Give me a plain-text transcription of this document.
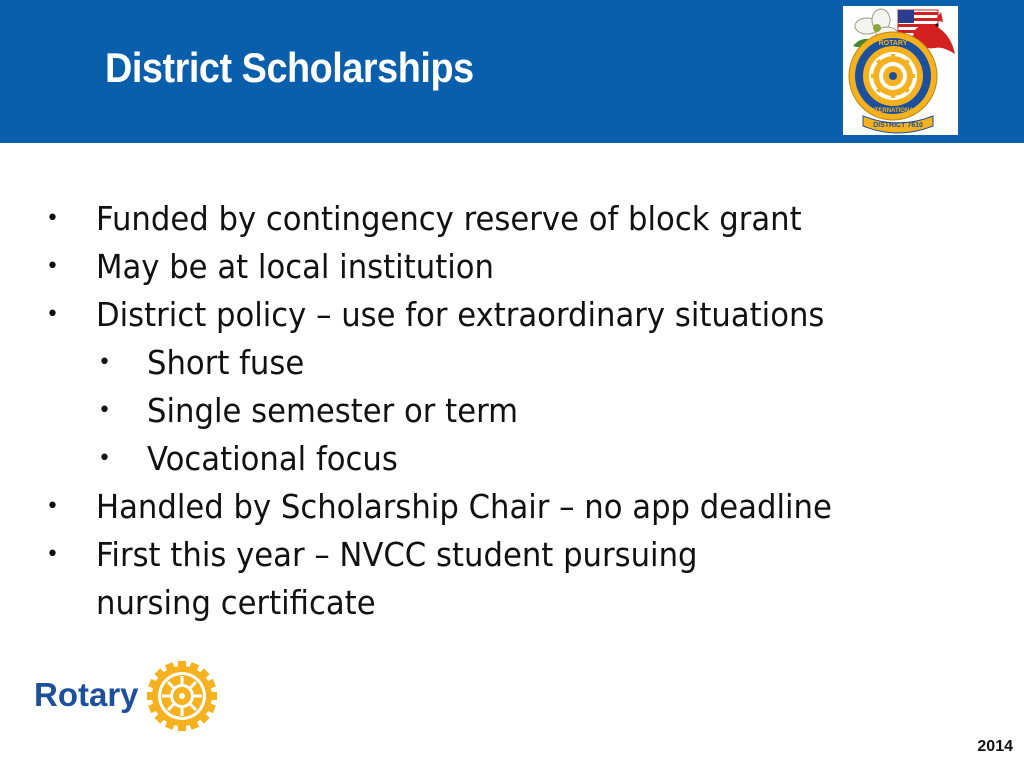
District Scholarships
ROTARY
INTERNATIONAL
DISTRICT 7610
• Funded by contingency reserve of block grant
• May be at local institution
• District policy – use for extraordinary situations
• Short fuse
• Single semester or term
• Vocational focus
• Handled by Scholarship Chair – no app deadline
• First this year – NVCC student pursuing
nursing certificate
Rotary
2014
